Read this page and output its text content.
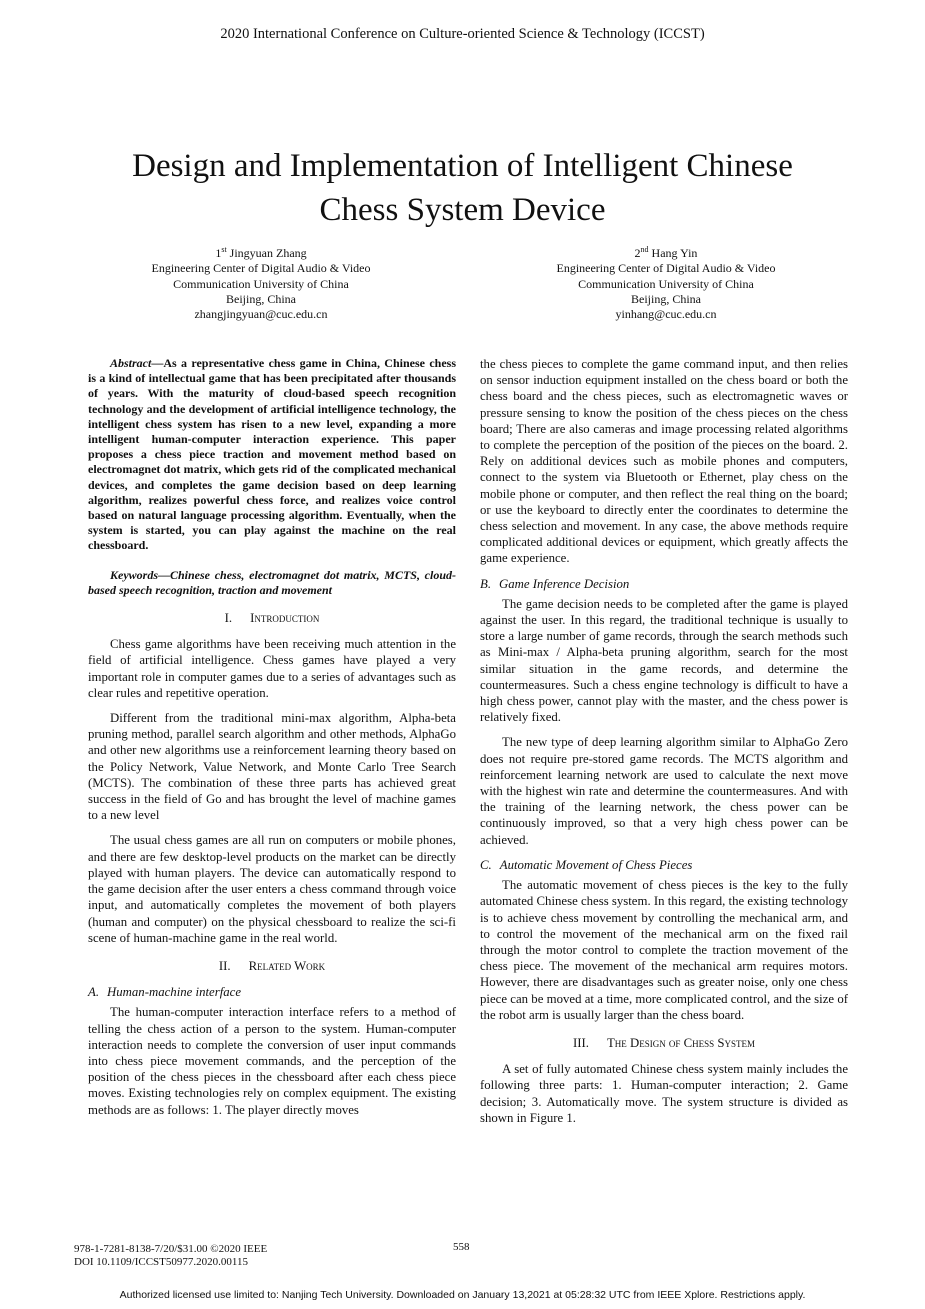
2020 International Conference on Culture-oriented Science & Technology (ICCST)
Design and Implementation of Intelligent Chinese
Chess System Device
1st Jingyuan Zhang
Engineering Center of Digital Audio & Video
Communication University of China
Beijing, China
zhangjingyuan@cuc.edu.cn
2nd Hang Yin
Engineering Center of Digital Audio & Video
Communication University of China
Beijing, China
yinhang@cuc.edu.cn

Abstract—As a representative chess game in China, Chinese chess is a kind of intellectual game that has been precipitated after thousands of years. With the maturity of cloud-based speech recognition technology and the development of artificial intelligence technology, the intelligent chess system has risen to a new level, expanding a more intelligent human-computer interaction experience. This paper proposes a chess piece traction and movement method based on electromagnet dot matrix, which gets rid of the complicated mechanical devices, and completes the game decision based on deep learning algorithm, realizes powerful chess force, and realizes voice control based on natural language processing algorithm. Eventually, when the system is started, you can play against the machine on the real chessboard.

Keywords—Chinese chess, electromagnet dot matrix, MCTS, cloud-based speech recognition, traction and movement

I. Introduction

Chess game algorithms have been receiving much attention in the field of artificial intelligence. Chess games have played a very important role in computer games due to a series of advantages such as clear rules and repetitive operation.

Different from the traditional mini-max algorithm, Alpha-beta pruning method, parallel search algorithm and other methods, AlphaGo and other new algorithms use a reinforcement learning theory based on the Policy Network, Value Network, and Monte Carlo Tree Search (MCTS). The combination of these three parts has achieved great success in the field of Go and has brought the level of machine games to a new level

The usual chess games are all run on computers or mobile phones, and there are few desktop-level products on the market can be directly played with human players. The device can automatically respond to the game decision after the user enters a chess command through voice input, and automatically completes the movement of both players (human and computer) on the physical chessboard to realize the sci-fi scene of human-machine game in the real world.

II. Related Work

A. Human-machine interface

The human-computer interaction interface refers to a method of telling the chess action of a person to the system. Human-computer interaction needs to complete the conversion of user input commands into chess piece movement commands, and the perception of the position of the chess pieces in the chessboard after each chess piece moves. Existing technologies rely on complex equipment. The existing methods are as follows: 1. The player directly moves

the chess pieces to complete the game command input, and then relies on sensor induction equipment installed on the chess board or both the chess board and the chess pieces, such as electromagnetic waves or pressure sensing to know the position of the chess pieces on the chess board; There are also cameras and image processing related algorithms to complete the perception of the position of the pieces on the board. 2. Rely on additional devices such as mobile phones and computers, connect to the system via Bluetooth or Ethernet, play chess on the mobile phone or computer, and then reflect the real thing on the board; or use the keyboard to directly enter the coordinates to determine the chess selection and movement. In any case, the above methods require complicated additional devices or equipment, which greatly affects the game experience.

B. Game Inference Decision

The game decision needs to be completed after the game is played against the user. In this regard, the traditional technique is usually to store a large number of game records, through the search methods such as Mini-max / Alpha-beta pruning algorithm, search for the most similar situation in the game records, and determine the countermeasures. Such a chess engine technology is difficult to have a high chess power, cannot play with the master, and the chess power is relatively fixed.

The new type of deep learning algorithm similar to AlphaGo Zero does not require pre-stored game records. The MCTS algorithm and reinforcement learning network are used to calculate the next move with the highest win rate and determine the countermeasures. And with the training of the learning network, the chess power can be continuously improved, so that a very high chess power can be achieved.

C. Automatic Movement of Chess Pieces

The automatic movement of chess pieces is the key to the fully automated Chinese chess system. In this regard, the existing technology is to achieve chess movement by controlling the mechanical arm, and to control the movement of the mechanical arm on the fixed rail through the motor control to complete the traction movement of the chess piece. The movement of the mechanical arm requires motors. However, there are disadvantages such as greater noise, only one chess piece can be moved at a time, more complicated control, and the size of the robot arm is usually larger than the chess board.

III. The Design of Chess System

A set of fully automated Chinese chess system mainly includes the following three parts: 1. Human-computer interaction; 2. Game decision; 3. Automatically move. The system structure is divided as shown in Figure 1.

978-1-7281-8138-7/20/$31.00 ©2020 IEEE
DOI 10.1109/ICCST50977.2020.00115
558
Authorized licensed use limited to: Nanjing Tech University. Downloaded on January 13,2021 at 05:28:32 UTC from IEEE Xplore. Restrictions apply.
